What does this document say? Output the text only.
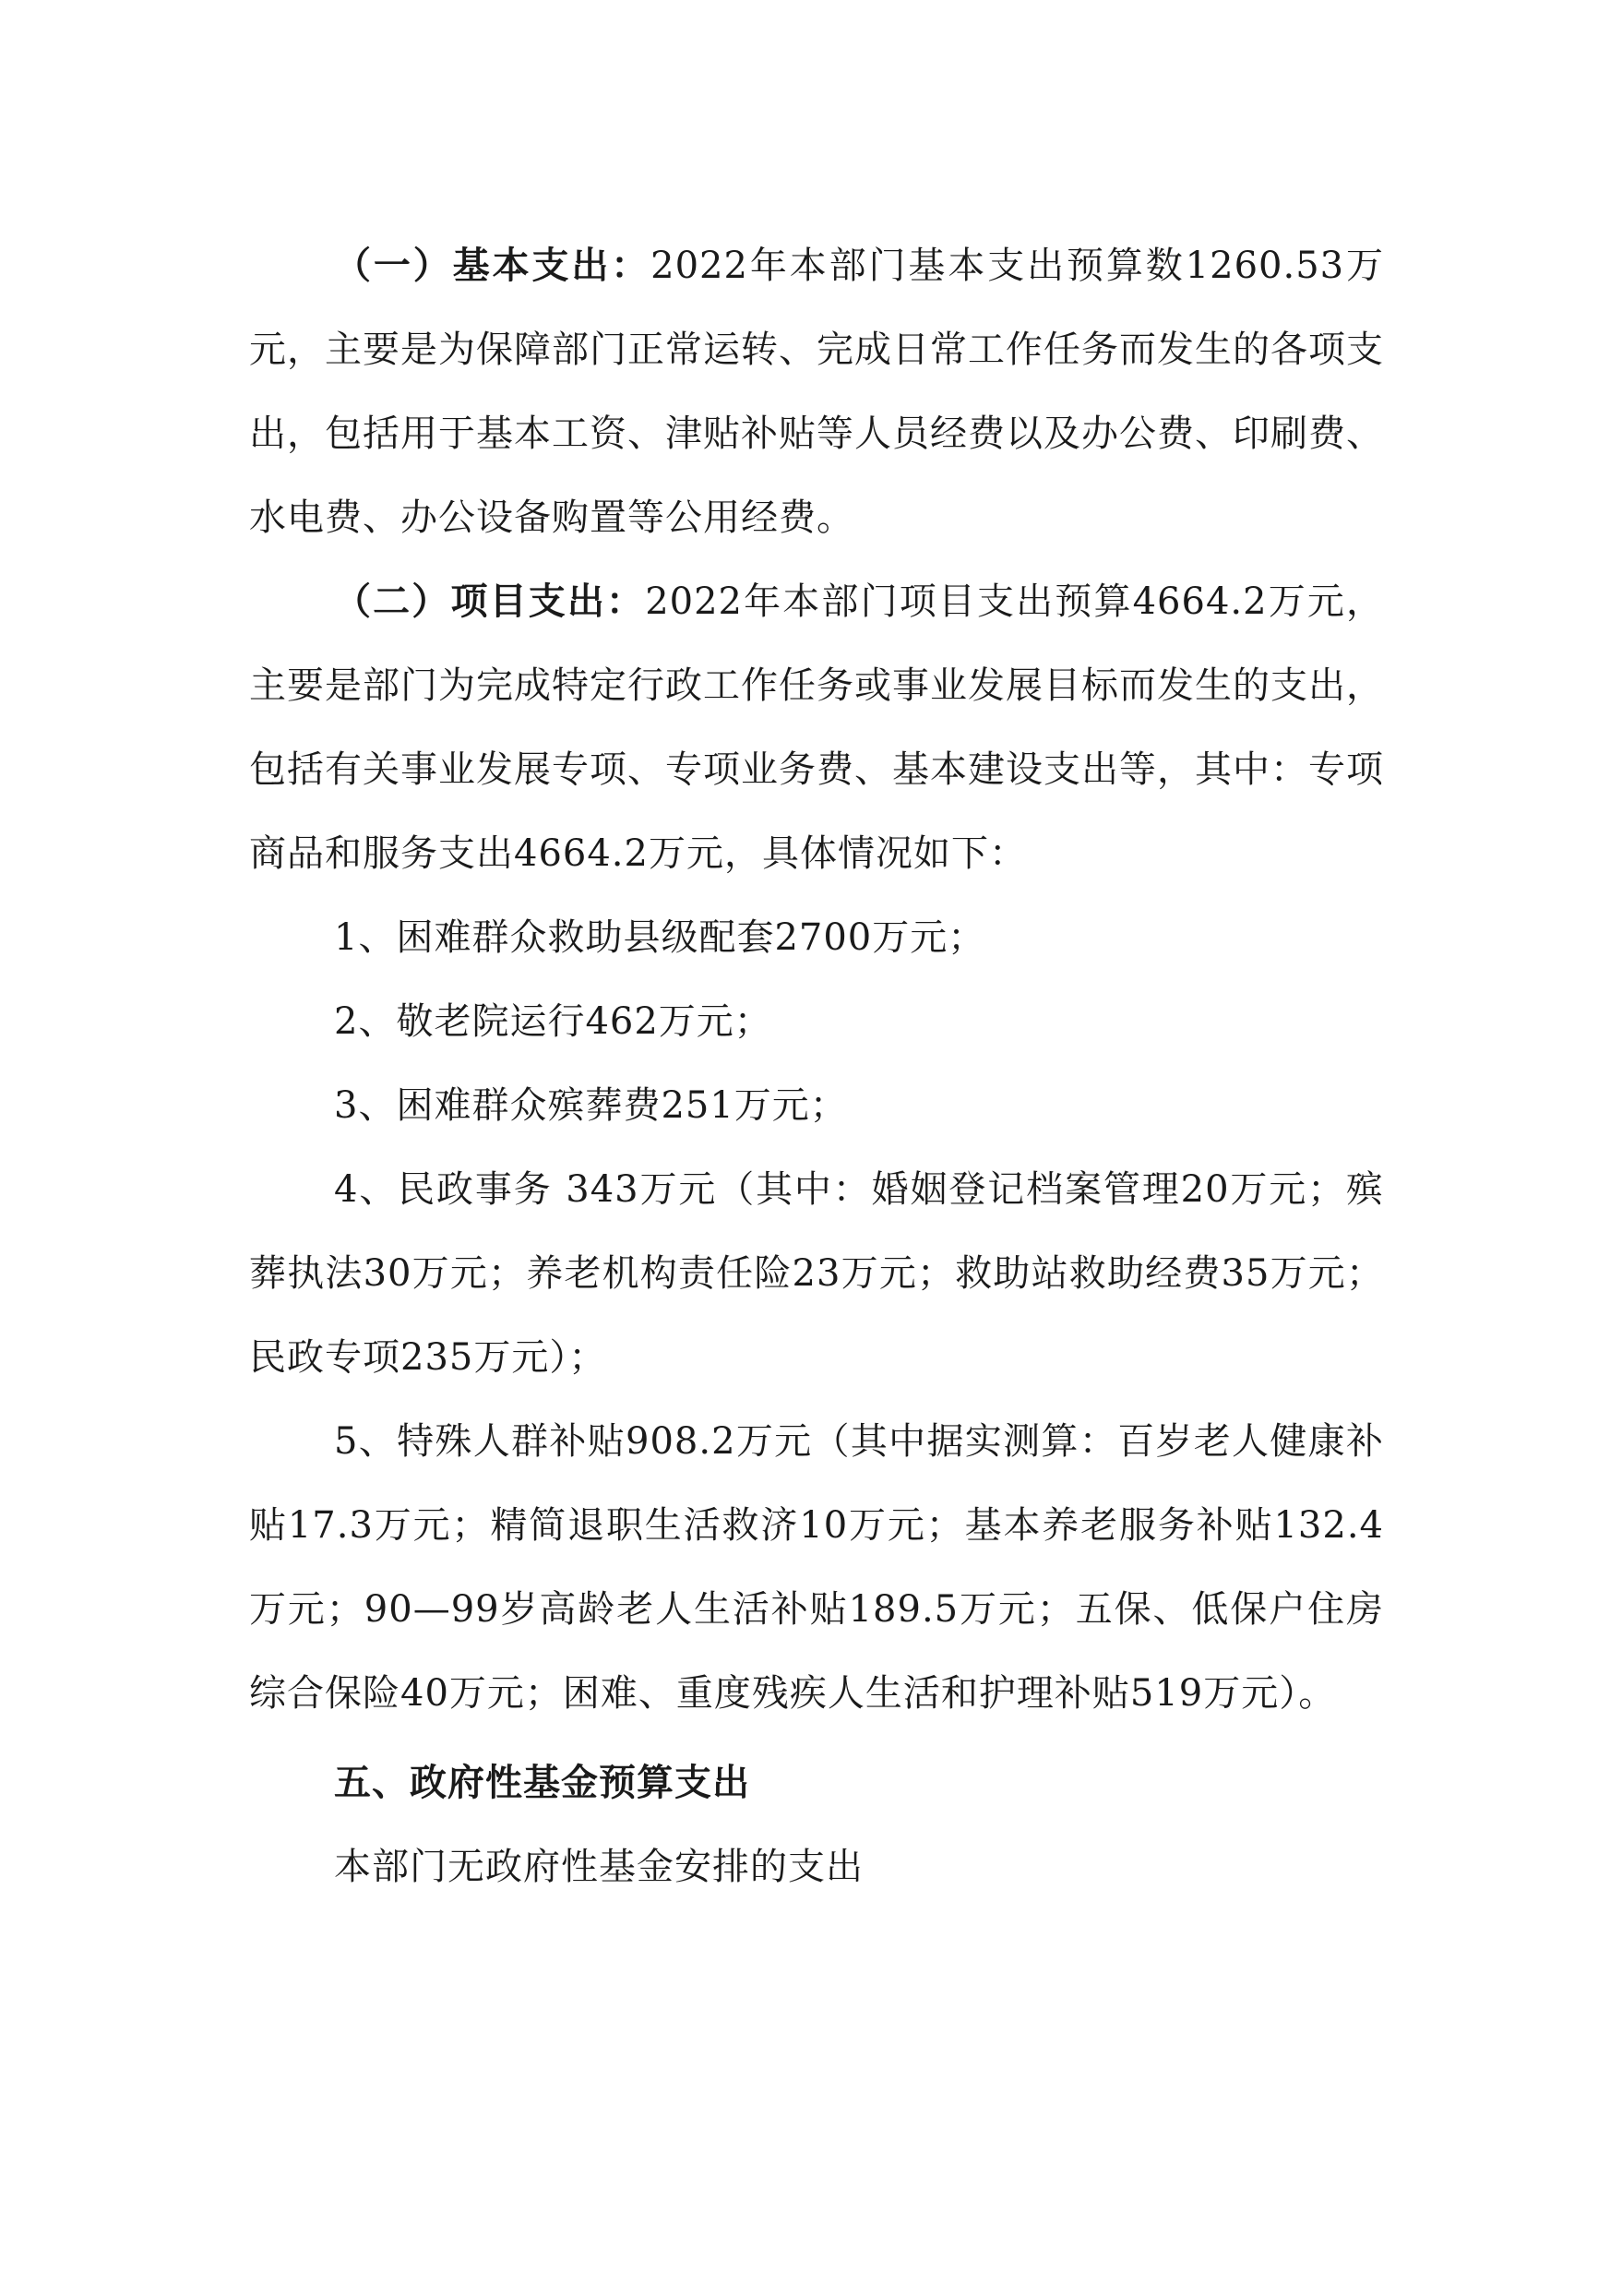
（一）基本支出：2022年本部门基本支出预算数1260.53万元，主要是为保障部门正常运转、完成日常工作任务而发生的各项支出，包括用于基本工资、津贴补贴等人员经费以及办公费、印刷费、水电费、办公设备购置等公用经费。

（二）项目支出：2022年本部门项目支出预算4664.2万元，主要是部门为完成特定行政工作任务或事业发展目标而发生的支出，包括有关事业发展专项、专项业务费、基本建设支出等，其中：专项商品和服务支出4664.2万元，具体情况如下：

1、困难群众救助县级配套2700万元；

2、敬老院运行462万元；

3、困难群众殡葬费251万元；

4、民政事务 343万元（其中：婚姻登记档案管理20万元；殡葬执法30万元；养老机构责任险23万元；救助站救助经费35万元；民政专项235万元）；

5、特殊人群补贴908.2万元（其中据实测算：百岁老人健康补贴17.3万元；精简退职生活救济10万元；基本养老服务补贴132.4万元；90—99岁高龄老人生活补贴189.5万元；五保、低保户住房综合保险40万元；困难、重度残疾人生活和护理补贴519万元）。

五、政府性基金预算支出

本部门无政府性基金安排的支出
